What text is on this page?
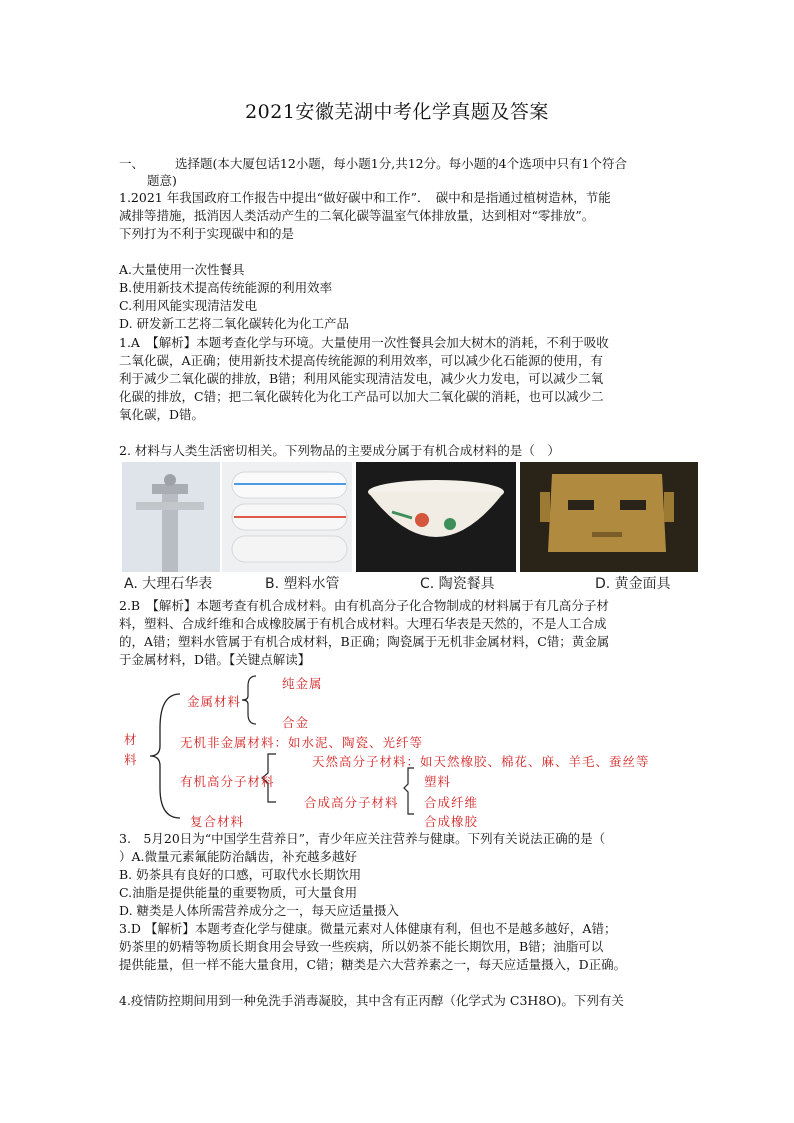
2021安徽芜湖中考化学真题及答案
一、 选择题(本大厦包话12小题，每小题1分,共12分。每小题的4个选项中只有1个符合
题意)
1.2021 年我国政府工作报告中提出“做好碳中和工作”．　碳中和是指通过植树造林，节能
减排等措施，抵消因人类活动产生的二氧化碳等温室气体排放量，达到相对“零排放”。
下列打为不利于实现碳中和的是
A.大量使用一次性餐具
B.使用新技术提高传统能源的利用效率
C.利用风能实现清洁发电
D. 研发新工艺将二氧化碳转化为化工产品
1.A　【解析】本题考查化学与环境。大量使用一次性餐具会加大树木的消耗，不利于吸收
二氧化碳，A正确；使用新技术提高传统能源的利用效率，可以减少化石能源的使用，有
利于减少二氧化碳的排放，B错；利用风能实现清洁发电，减少火力发电，可以减少二氧
化碳的排放，C错；把二氧化碳转化为化工产品可以加大二氧化碳的消耗，也可以减少二
氧化碳，D错。
2. 材料与人类生活密切相关。下列物品的主要成分属于有机合成材料的是（　）
A. 大理石华表	B. 塑料水管	C. 陶瓷餐具	D. 黄金面具
2.B　【解析】本题考查有机合成材料。由有机高分子化合物制成的材料属于有几高分子材
料，塑料、合成纤维和合成橡胶属于有机合成材料。大理石华表是天然的，不是人工合成
的，A错；塑料水管属于有机合成材料，B正确；陶瓷属于无机非金属材料，C错；黄金属
于金属材料，D错。【关键点解读】
材
料
金属材料
纯金属
合金
无机非金属材料：如水泥、陶瓷、光纤等
有机高分子材料
天然高分子材料：如天然橡胶、棉花、麻、羊毛、蚕丝等
合成高分子材料
塑料
合成纤维
合成橡胶
复合材料
3.　5月20日为“中国学生营养日”，青少年应关注营养与健康。下列有关说法正确的是（
）A.微量元素氟能防治龋齿，补充越多越好
B. 奶茶具有良好的口感，可取代水长期饮用
C.油脂是提供能量的重要物质，可大量食用
D. 糖类是人体所需营养成分之一，每天应适量摄入
3.D 【解析】本题考查化学与健康。微量元素对人体健康有利，但也不是越多越好，A错；
奶茶里的奶精等物质长期食用会导致一些疾病，所以奶茶不能长期饮用，B错；油脂可以
提供能量，但一样不能大量食用，C错；糖类是六大营养素之一，每天应适量摄入，D正确。
4.疫情防控期间用到一种免洗手消毒凝胶，其中含有正丙醇（化学式为 C3H8O)。下列有关
